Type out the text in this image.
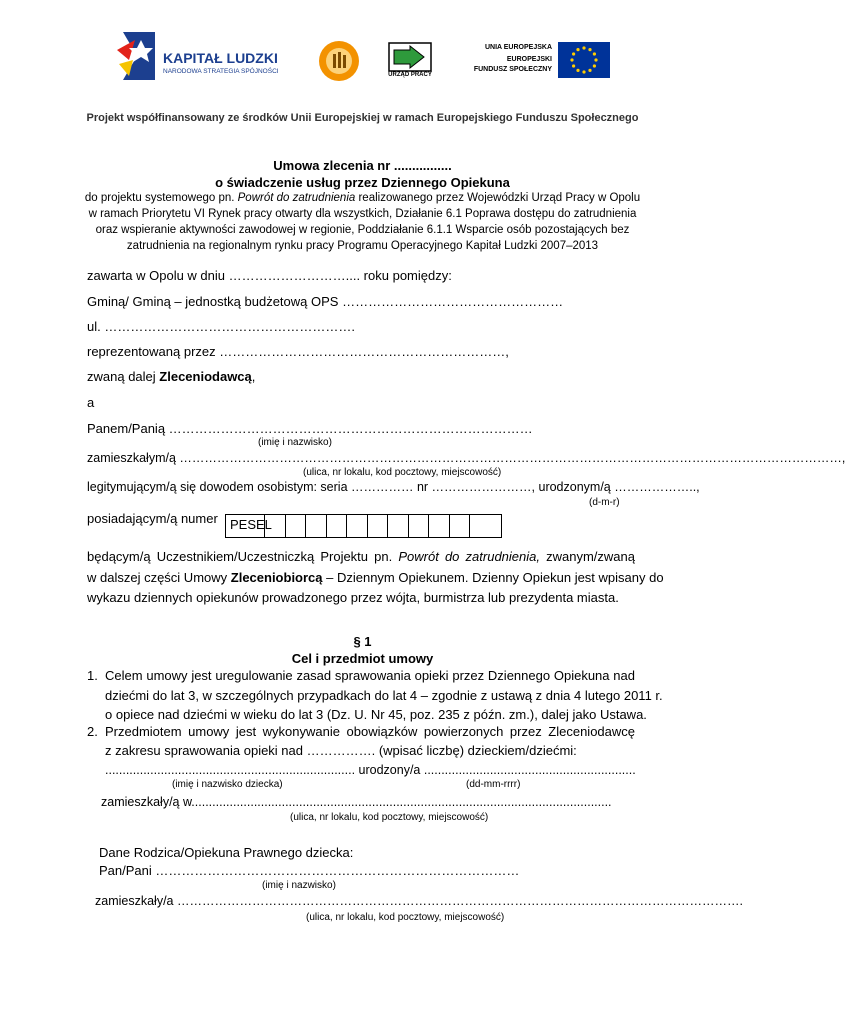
KAPITAŁ LUDZKI
NARODOWA STRATEGIA SPÓJNOŚCI	URZĄD PRACY
UNIA EUROPEJSKA
EUROPEJSKI
FUNDUSZ SPOŁECZNY
Projekt współfinansowany ze środków Unii Europejskiej w ramach Europejskiego Funduszu Społecznego
Umowa zlecenia nr ................
o świadczenie usług przez Dziennego Opiekuna
do projektu systemowego pn. Powrót do zatrudnienia realizowanego przez Wojewódzki Urząd Pracy w Opolu
w ramach Priorytetu VI Rynek pracy otwarty dla wszystkich, Działanie 6.1 Poprawa dostępu do zatrudnienia
oraz wspieranie aktywności zawodowej w regionie, Poddziałanie 6.1.1 Wsparcie osób pozostających bez
zatrudnienia na regionalnym rynku pracy Programu Operacyjnego Kapitał Ludzki 2007–2013
zawarta w Opolu w dniu ……………………….... roku pomiędzy:
Gminą/ Gminą – jednostką budżetową OPS ……………………………………………
ul. ………………………………………………….
reprezentowaną przez …………………………………………………………,
zwaną dalej Zleceniodawcą,
a
Panem/Panią …………………………………………………………………………
(imię i nazwisko)
zamieszkałym/ą ……………………………………………………………………………………………………………………………………………,
(ulica, nr lokalu, kod pocztowy, miejscowość)
legitymującym/ą się dowodem osobistym: seria …………… nr ……………………, urodzonym/ą ………………..,
(d-m-r)
posiadającym/ą numer PESEL
będącym/ą Uczestnikiem/Uczestniczką Projektu pn. Powrót do zatrudnienia, zwanym/zwaną
w dalszej części Umowy Zleceniobiorcą – Dziennym Opiekunem. Dzienny Opiekun jest wpisany do
wykazu dziennych opiekunów prowadzonego przez wójta, burmistrza lub prezydenta miasta.
§ 1
Cel i przedmiot umowy
1. Celem umowy jest uregulowanie zasad sprawowania opieki przez Dziennego Opiekuna nad
dziećmi do lat 3, w szczególnych przypadkach do lat 4 – zgodnie z ustawą z dnia 4 lutego 2011 r.
o opiece nad dziećmi w wieku do lat 3 (Dz. U. Nr 45, poz. 235 z późn. zm.), dalej jako Ustawa.
2. Przedmiotem umowy jest wykonywanie obowiązków powierzonych przez Zleceniodawcę
z zakresu sprawowania opieki nad ……………. (wpisać liczbę) dzieckiem/dziećmi:
........................................................................ urodzony/a .............................................................
(imię i nazwisko dziecka)	(dd-mm-rrrr)
zamieszkały/ą w.........................................................................................................................
(ulica, nr lokalu, kod pocztowy, miejscowość)
Dane Rodzica/Opiekuna Prawnego dziecka:
Pan/Pani …………………………………………………………………………
(imię i nazwisko)
zamieszkały/a ……………………………………………………………………………………………………………………….
(ulica, nr lokalu, kod pocztowy, miejscowość)
